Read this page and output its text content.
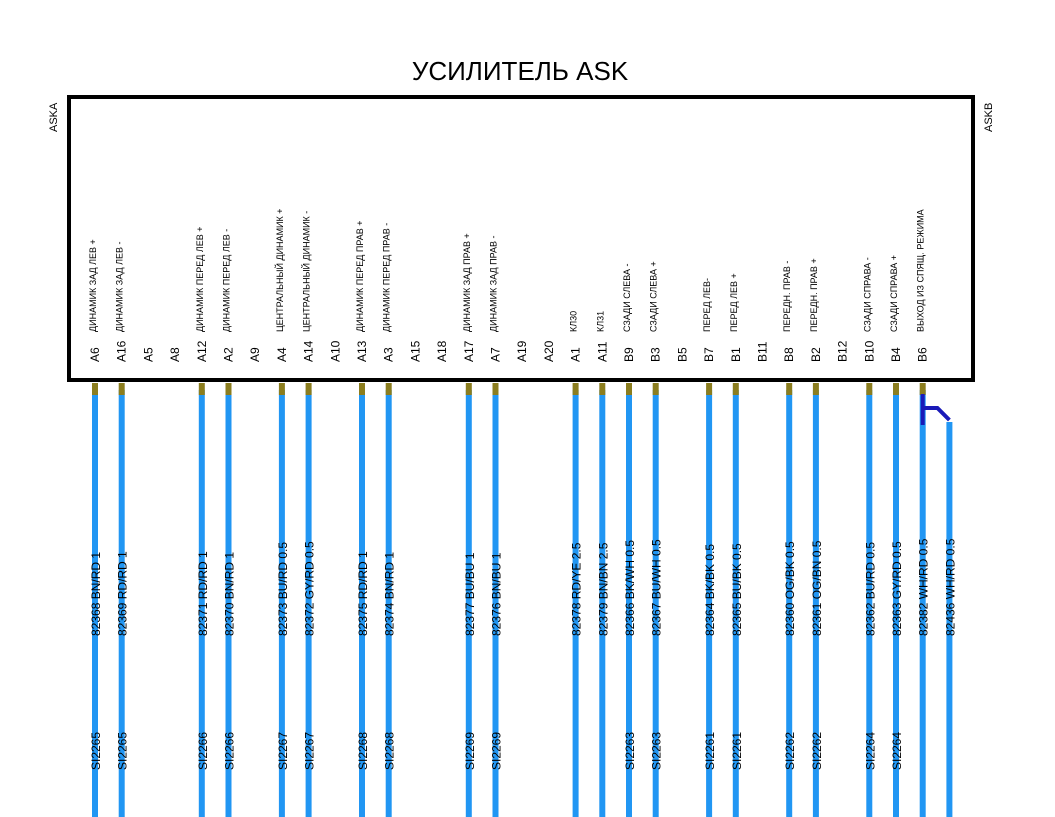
УСИЛИТЕЛЬ ASK
ASKA	ASKB
A6
ДИНАМИК ЗАД ЛЕВ +
82368 BN/RD 1
SI2265
A16
ДИНАМИК ЗАД ЛЕВ -
82369 RD/RD 1
SI2265
A5 A8 A12
ДИНАМИК ПЕРЕД ЛЕВ +
82371 RD/RD 1
SI2266
A2
ДИНАМИК ПЕРЕД ЛЕВ -
82370 BN/RD 1
SI2266
A9 A4
ЦЕНТРАЛЬНЫЙ ДИНАМИК +
82373 BU/RD 0.5
SI2267
A14
ЦЕНТРАЛЬНЫЙ ДИНАМИК -
82372 GY/RD 0.5
SI2267
A10 A13
ДИНАМИК ПЕРЕД ПРАВ +
82375 RD/RD 1
SI2268
A3
ДИНАМИК ПЕРЕД ПРАВ -
82374 BN/RD 1
SI2268
A15 A18 A17
ДИНАМИК ЗАД ПРАВ +
82377 BU/BU 1
SI2269
A7
ДИНАМИК ЗАД ПРАВ -
82376 BN/BU 1
SI2269
A19 A20 A1
КЛ30
82378 RD/YE 2.5
A11
КЛ31
82379 BN/BN 2.5
B9
СЗАДИ СЛЕВА -
82366 BK/WH 0.5
SI2263
B3
СЗАДИ СЛЕВА +
82367 BU/WH 0.5
SI2263
B5 B7
ПЕРЕД ЛЕВ-
82364 BK/BK 0.5
SI2261
B1
ПЕРЕД ЛЕВ +
82365 BU/BK 0.5
SI2261
B11 B8
ПЕРЕДН. ПРАВ -
82360 OG/BK 0.5
SI2262
B2
ПЕРЕДН. ПРАВ +
82361 OG/BN 0.5
SI2262
B12 B10
СЗАДИ СПРАВА -
82362 BU/RD 0.5
SI2264
B4
СЗАДИ СПРАВА +
82363 GY/RD 0.5
SI2264
B6
ВЫХОД ИЗ СПЯЩ. РЕЖИМА
82382 WH/RD 0.5 82436 WH/RD 0.5
